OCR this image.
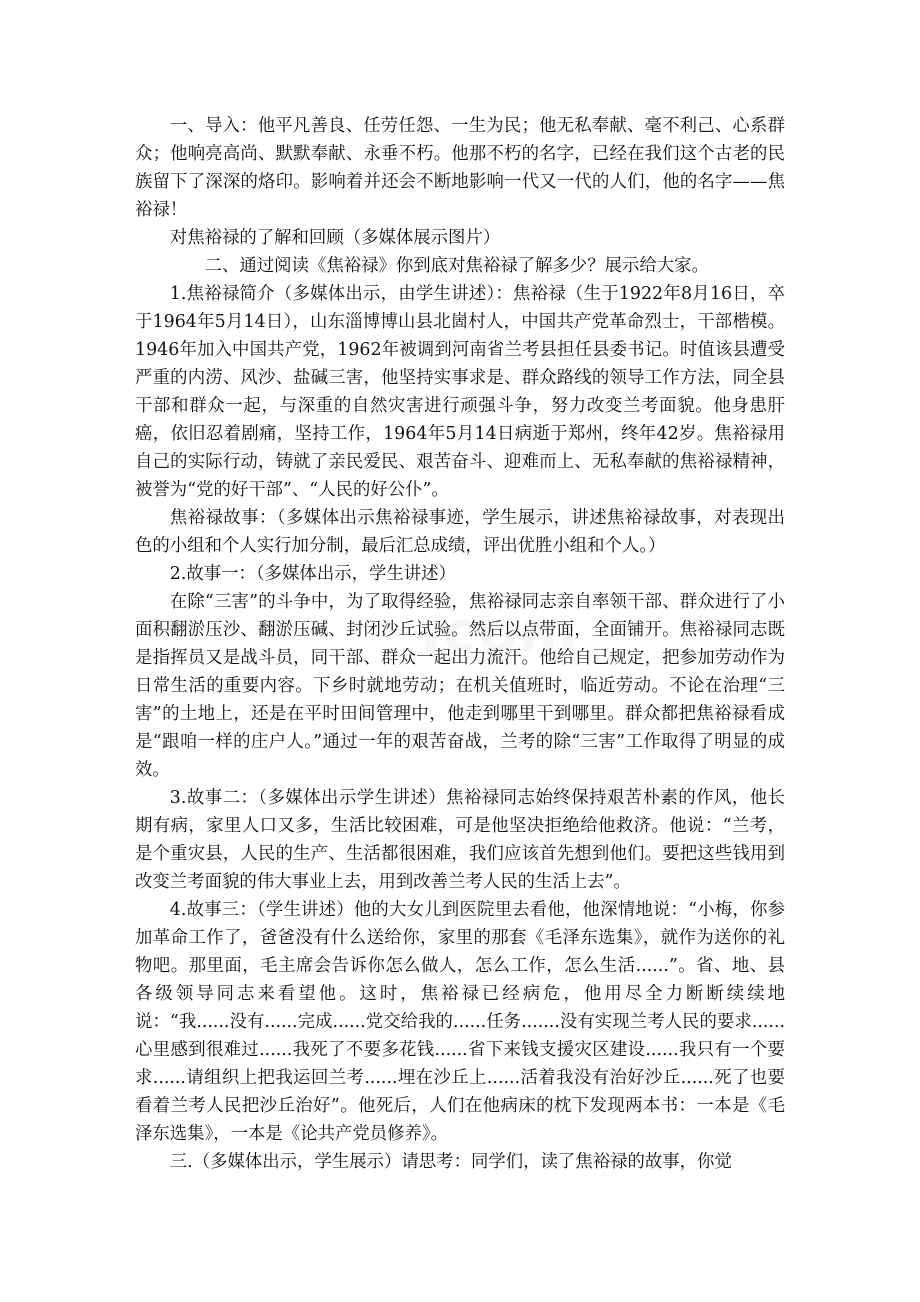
一、导入：他平凡善良、任劳任怨、一生为民；他无私奉献、毫不利己、心系群众；他响亮高尚、默默奉献、永垂不朽。他那不朽的名字，已经在我们这个古老的民族留下了深深的烙印。影响着并还会不断地影响一代又一代的人们，他的名字——焦裕禄！

对焦裕禄的了解和回顾（多媒体展示图片）

二、通过阅读《焦裕禄》你到底对焦裕禄了解多少？展示给大家。

1.焦裕禄简介（多媒体出示，由学生讲述）：焦裕禄（生于1922年8月16日，卒于1964年5月14日），山东淄博博山县北崮村人，中国共产党革命烈士，干部楷模。1946年加入中国共产党，1962年被调到河南省兰考县担任县委书记。时值该县遭受严重的内涝、风沙、盐碱三害，他坚持实事求是、群众路线的领导工作方法，同全县干部和群众一起，与深重的自然灾害进行顽强斗争，努力改变兰考面貌。他身患肝癌，依旧忍着剧痛，坚持工作，1964年5月14日病逝于郑州，终年42岁。焦裕禄用自己的实际行动，铸就了亲民爱民、艰苦奋斗、迎难而上、无私奉献的焦裕禄精神，被誉为“党的好干部”、“人民的好公仆”。

焦裕禄故事：（多媒体出示焦裕禄事迹，学生展示，讲述焦裕禄故事，对表现出色的小组和个人实行加分制，最后汇总成绩，评出优胜小组和个人。）

2.故事一：（多媒体出示，学生讲述）

在除“三害”的斗争中，为了取得经验，焦裕禄同志亲自率领干部、群众进行了小面积翻淤压沙、翻淤压碱、封闭沙丘试验。然后以点带面，全面铺开。焦裕禄同志既是指挥员又是战斗员，同干部、群众一起出力流汗。他给自己规定，把参加劳动作为日常生活的重要内容。下乡时就地劳动；在机关值班时，临近劳动。不论在治理“三害”的土地上，还是在平时田间管理中，他走到哪里干到哪里。群众都把焦裕禄看成是“跟咱一样的庄户人。”通过一年的艰苦奋战，兰考的除“三害”工作取得了明显的成效。

3.故事二：（多媒体出示学生讲述）焦裕禄同志始终保持艰苦朴素的作风，他长期有病，家里人口又多，生活比较困难，可是他坚决拒绝给他救济。他说：“兰考，是个重灾县，人民的生产、生活都很困难，我们应该首先想到他们。要把这些钱用到改变兰考面貌的伟大事业上去，用到改善兰考人民的生活上去”。

4.故事三：（学生讲述）他的大女儿到医院里去看他，他深情地说：“小梅，你参加革命工作了，爸爸没有什么送给你，家里的那套《毛泽东选集》，就作为送你的礼物吧。那里面，毛主席会告诉你怎么做人，怎么工作，怎么生活......”。省、地、县各级领导同志来看望他。这时，焦裕禄已经病危，他用尽全力断断续续地说：“我......没有......完成......党交给我的......任务.......没有实现兰考人民的要求......心里感到很难过......我死了不要多花钱......省下来钱支援灾区建设......我只有一个要求......请组织上把我运回兰考......埋在沙丘上......活着我没有治好沙丘......死了也要看着兰考人民把沙丘治好”。他死后，人们在他病床的枕下发现两本书：一本是《毛泽东选集》，一本是《论共产党员修养》。

三.（多媒体出示，学生展示）请思考：同学们，读了焦裕禄的故事，你觉
